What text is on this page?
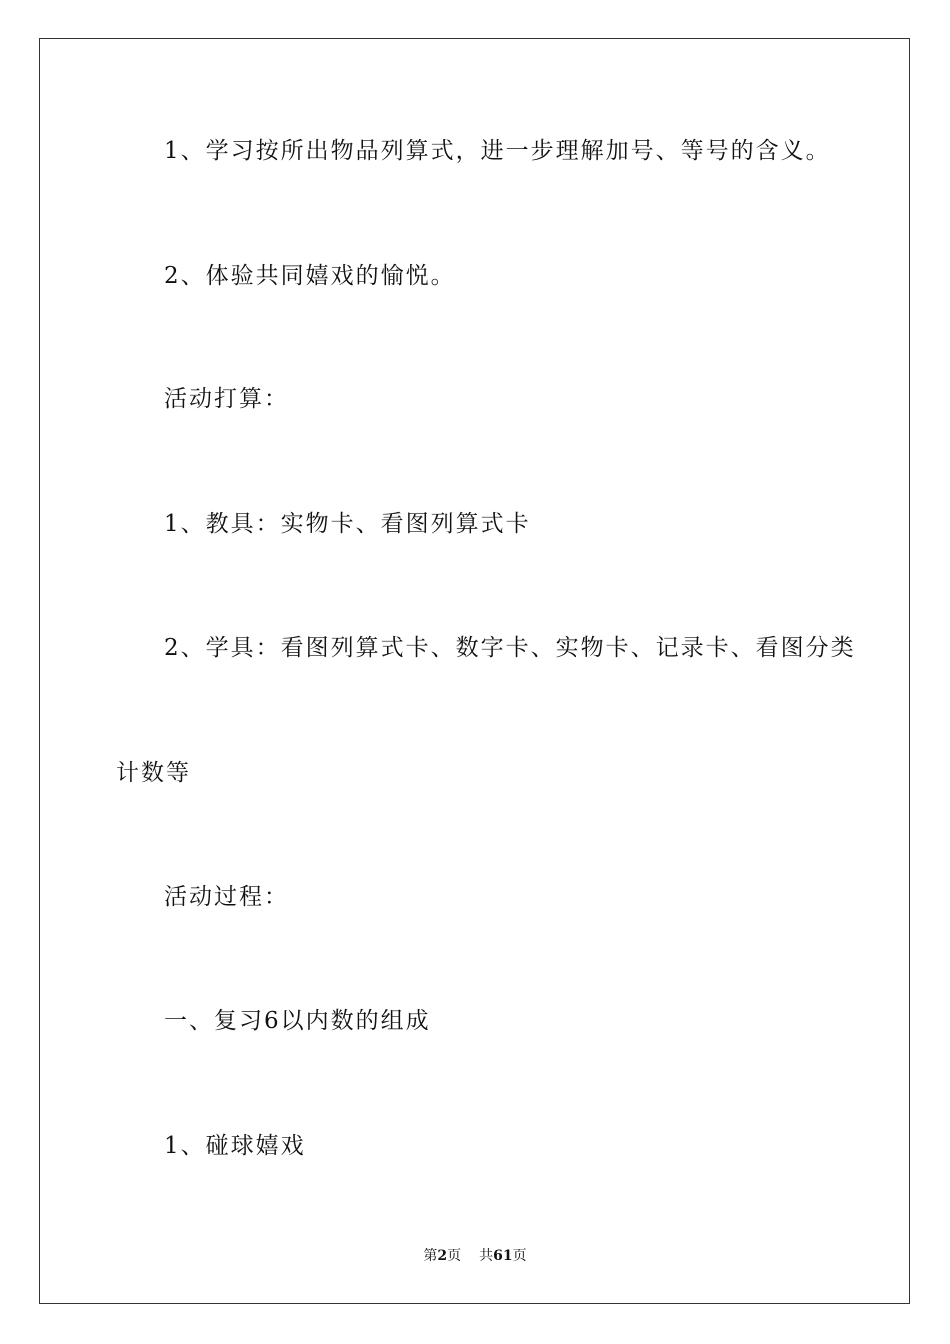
1、学习按所出物品列算式，进一步理解加号、等号的含义。
2、体验共同嬉戏的愉悦。
活动打算：
1、教具：实物卡、看图列算式卡
2、学具：看图列算式卡、数字卡、实物卡、记录卡、看图分类
计数等
活动过程：
一、复习6以内数的组成
1、碰球嬉戏
第2页 共61页
